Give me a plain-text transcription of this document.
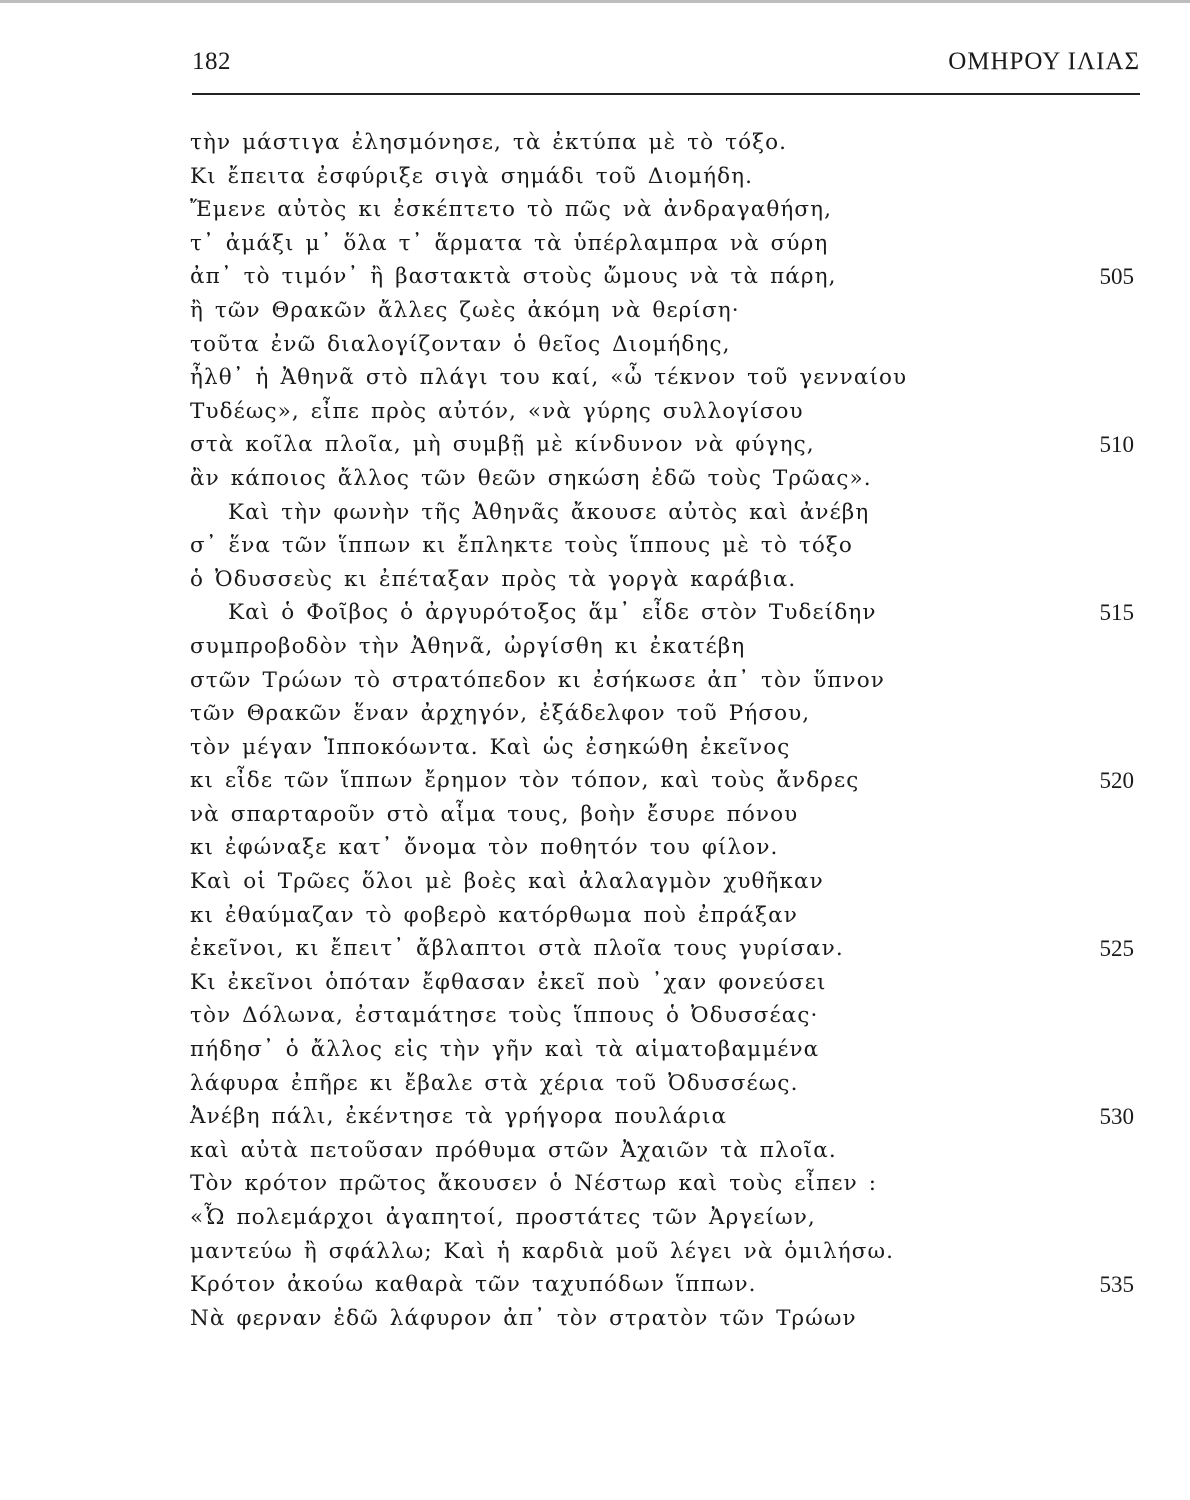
182	ΟΜΗΡΟΥ ΙΛΙΑΣ
τὴν μάστιγα ἐλησμόνησε, τὰ ἐκτύπα μὲ τὸ τόξο.
Κι ἔπειτα ἐσφύριξε σιγὰ σημάδι τοῦ Διομήδη.
Ἔμενε αὐτὸς κι ἐσκέπτετο τὸ πῶς νὰ ἀνδραγαθήση,
τ᾿ ἀμάξι μ᾿ ὅλα τ᾿ ἅρματα τὰ ὑπέρλαμπρα νὰ σύρη
ἀπ᾿ τὸ τιμόν᾿ ἢ βαστακτὰ στοὺς ὤμους νὰ τὰ πάρη,	505
ἢ τῶν Θρακῶν ἄλλες ζωὲς ἀκόμη νὰ θερίση·
τοῦτα ἐνῶ διαλογίζονταν ὁ θεῖος Διομήδης,
ἦλθ᾿ ἡ Ἀθηνᾶ στὸ πλάγι του καί, «ὦ τέκνον τοῦ γενναίου
Τυδέως», εἶπε πρὸς αὐτόν, «νὰ γύρης συλλογίσου
στὰ κοῖλα πλοῖα, μὴ συμβῇ μὲ κίνδυνον νὰ φύγης,	510
ἂν κάποιος ἄλλος τῶν θεῶν σηκώση ἐδῶ τοὺς Τρῶας».
Καὶ τὴν φωνὴν τῆς Ἀθηνᾶς ἄκουσε αὐτὸς καὶ ἀνέβη
σ᾿ ἕνα τῶν ἵππων κι ἔπληκτε τοὺς ἵππους μὲ τὸ τόξο
ὁ Ὀδυσσεὺς κι ἐπέταξαν πρὸς τὰ γοργὰ καράβια.
Καὶ ὁ Φοῖβος ὁ ἀργυρότοξος ἅμ᾿ εἶδε στὸν Τυδείδην	515
συμπροβοδὸν τὴν Ἀθηνᾶ, ὠργίσθη κι ἐκατέβη
στῶν Τρώων τὸ στρατόπεδον κι ἐσήκωσε ἀπ᾿ τὸν ὕπνον
τῶν Θρακῶν ἕναν ἀρχηγόν, ἐξάδελφον τοῦ Ρήσου,
τὸν μέγαν Ἱπποκόωντα. Καὶ ὡς ἐσηκώθη ἐκεῖνος
κι εἶδε τῶν ἵππων ἔρημον τὸν τόπον, καὶ τοὺς ἄνδρες	520
νὰ σπαρταροῦν στὸ αἷμα τους, βοὴν ἔσυρε πόνου
κι ἐφώναξε κατ᾿ ὄνομα τὸν ποθητόν του φίλον.
Καὶ οἱ Τρῶες ὅλοι μὲ βοὲς καὶ ἀλαλαγμὸν χυθῆκαν
κι ἐθαύμαζαν τὸ φοβερὸ κατόρθωμα ποὺ ἐπράξαν
ἐκεῖνοι, κι ἔπειτ᾿ ἄβλαπτοι στὰ πλοῖα τους γυρίσαν.	525
Κι ἐκεῖνοι ὁπόταν ἔφθασαν ἐκεῖ ποὺ ᾿χαν φονεύσει
τὸν Δόλωνα, ἐσταμάτησε τοὺς ἵππους ὁ Ὀδυσσέας·
πήδησ᾿ ὁ ἄλλος εἰς τὴν γῆν καὶ τὰ αἱματοβαμμένα
λάφυρα ἐπῆρε κι ἔβαλε στὰ χέρια τοῦ Ὀδυσσέως.
Ἀνέβη πάλι, ἐκέντησε τὰ γρήγορα πουλάρια	530
καὶ αὐτὰ πετοῦσαν πρόθυμα στῶν Ἀχαιῶν τὰ πλοῖα.
Τὸν κρότον πρῶτος ἄκουσεν ὁ Νέστωρ καὶ τοὺς εἶπεν :
«Ὦ πολεμάρχοι ἀγαπητοί, προστάτες τῶν Ἀργείων,
μαντεύω ἢ σφάλλω; Καὶ ἡ καρδιὰ μοῦ λέγει νὰ ὁμιλήσω.
Κρότον ἀκούω καθαρὰ τῶν ταχυπόδων ἵππων.	535
Νὰ φερναν ἐδῶ λάφυρον ἀπ᾿ τὸν στρατὸν τῶν Τρώων
